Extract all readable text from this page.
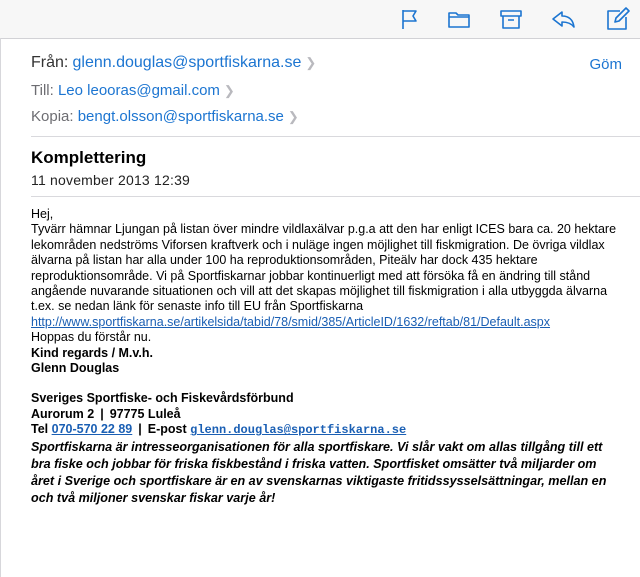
Från: glenn.douglas@sportfiskarna.se ❯	Göm
Till: Leo leooras@gmail.com ❯
Kopia: bengt.olsson@sportfiskarna.se ❯
Komplettering
11 november 2013 12:39

Hej,

Tyvärr hämnar Ljungan på listan över mindre vildlaxälvar p.g.a att den har enligt ICES bara ca. 20 hektare lekområden nedströms Viforsen kraftverk och i nuläge ingen möjlighet till fiskmigration. De övriga vildlax älvarna på listan har alla under 100 ha reproduktionsområden, Piteälv har dock 435 hektare reproduktionsområde. Vi på Sportfiskarnar jobbar kontinuerligt med att försöka få en ändring till stånd angående nuvarande situationen och vill att det skapas möjlighet till fiskmigration i alla utbyggda älvarna t.ex. se nedan länk för senaste info till EU från Sportfiskarna

http://www.sportfiskarna.se/artikelsida/tabid/78/smid/385/ArticleID/1632/reftab/81/Default.aspx

Hoppas du förstår nu.

Kind regards / M.v.h.

Glenn Douglas

Sveriges Sportfiske- och Fiskevårdsförbund

Aurorum 2 | 97775 Luleå

Tel 070-570 22 89 | E-post glenn.douglas@sportfiskarna.se

Sportfiskarna är intresseorganisationen för alla sportfiskare. Vi slår vakt om allas tillgång till ett bra fiske och jobbar för friska fiskbestånd i friska vatten. Sportfisket omsätter två miljarder om året i Sverige och sportfiskare är en av svenskarnas viktigaste fritidssysselsättningar, mellan en och två miljoner svenskar fiskar varje år!
